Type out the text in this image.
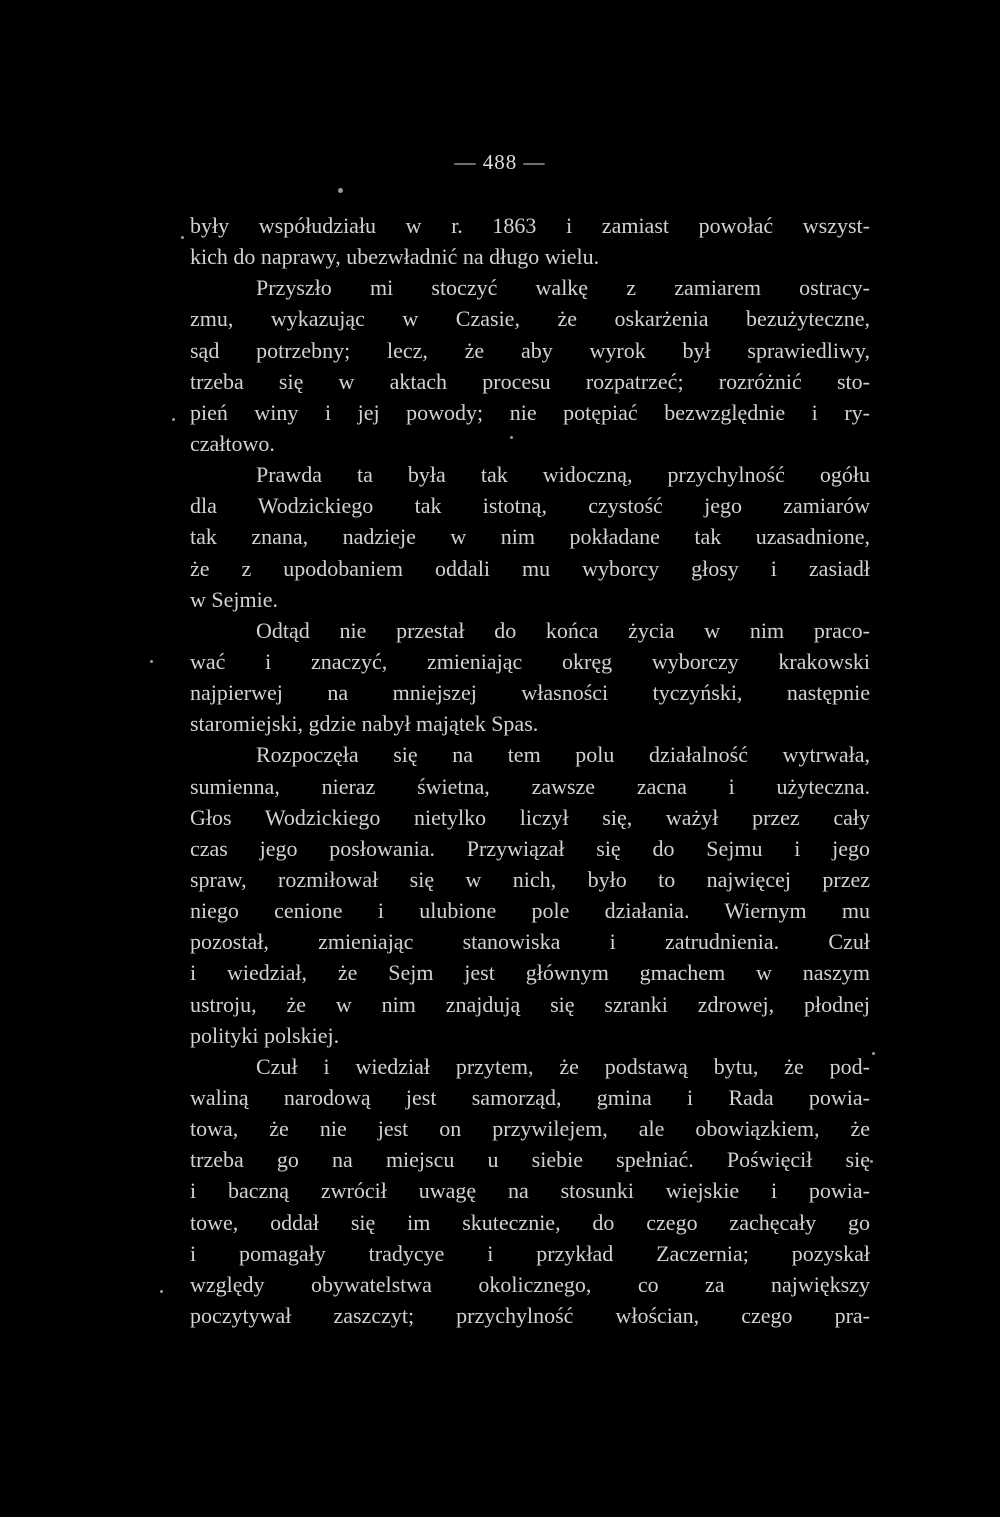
— 488 —
były współudziału w r. 1863 i zamiast powołać wszyst-
kich do naprawy, ubezwładnić na długo wielu.
Przyszło mi stoczyć walkę z zamiarem ostracy-
zmu, wykazując w Czasie, że oskarżenia bezużyteczne,
sąd potrzebny; lecz, że aby wyrok był sprawiedliwy,
trzeba się w aktach procesu rozpatrzeć; rozróżnić sto-
pień winy i jej powody; nie potępiać bezwzględnie i ry-
czałtowo.
Prawda ta była tak widoczną, przychylność ogółu
dla Wodzickiego tak istotną, czystość jego zamiarów
tak znana, nadzieje w nim pokładane tak uzasadnione,
że z upodobaniem oddali mu wyborcy głosy i zasiadł
w Sejmie.
Odtąd nie przestał do końca życia w nim praco-
wać i znaczyć, zmieniając okręg wyborczy krakowski
najpierwej na mniejszej własności tyczyński, następnie
staromiejski, gdzie nabył majątek Spas.
Rozpoczęła się na tem polu działalność wytrwała,
sumienna, nieraz świetna, zawsze zacna i użyteczna.
Głos Wodzickiego nietylko liczył się, ważył przez cały
czas jego posłowania. Przywiązał się do Sejmu i jego
spraw, rozmiłował się w nich, było to najwięcej przez
niego cenione i ulubione pole działania. Wiernym mu
pozostał, zmieniając stanowiska i zatrudnienia. Czuł
i wiedział, że Sejm jest głównym gmachem w naszym
ustroju, że w nim znajdują się szranki zdrowej, płodnej
polityki polskiej.
Czuł i wiedział przytem, że podstawą bytu, że pod-
waliną narodową jest samorząd, gmina i Rada powia-
towa, że nie jest on przywilejem, ale obowiązkiem, że
trzeba go na miejscu u siebie spełniać. Poświęcił się
i baczną zwrócił uwagę na stosunki wiejskie i powia-
towe, oddał się im skutecznie, do czego zachęcały go
i pomagały tradycye i przykład Zaczernia; pozyskał
względy obywatelstwa okolicznego, co za największy
poczytywał zaszczyt; przychylność włościan, czego pra-
